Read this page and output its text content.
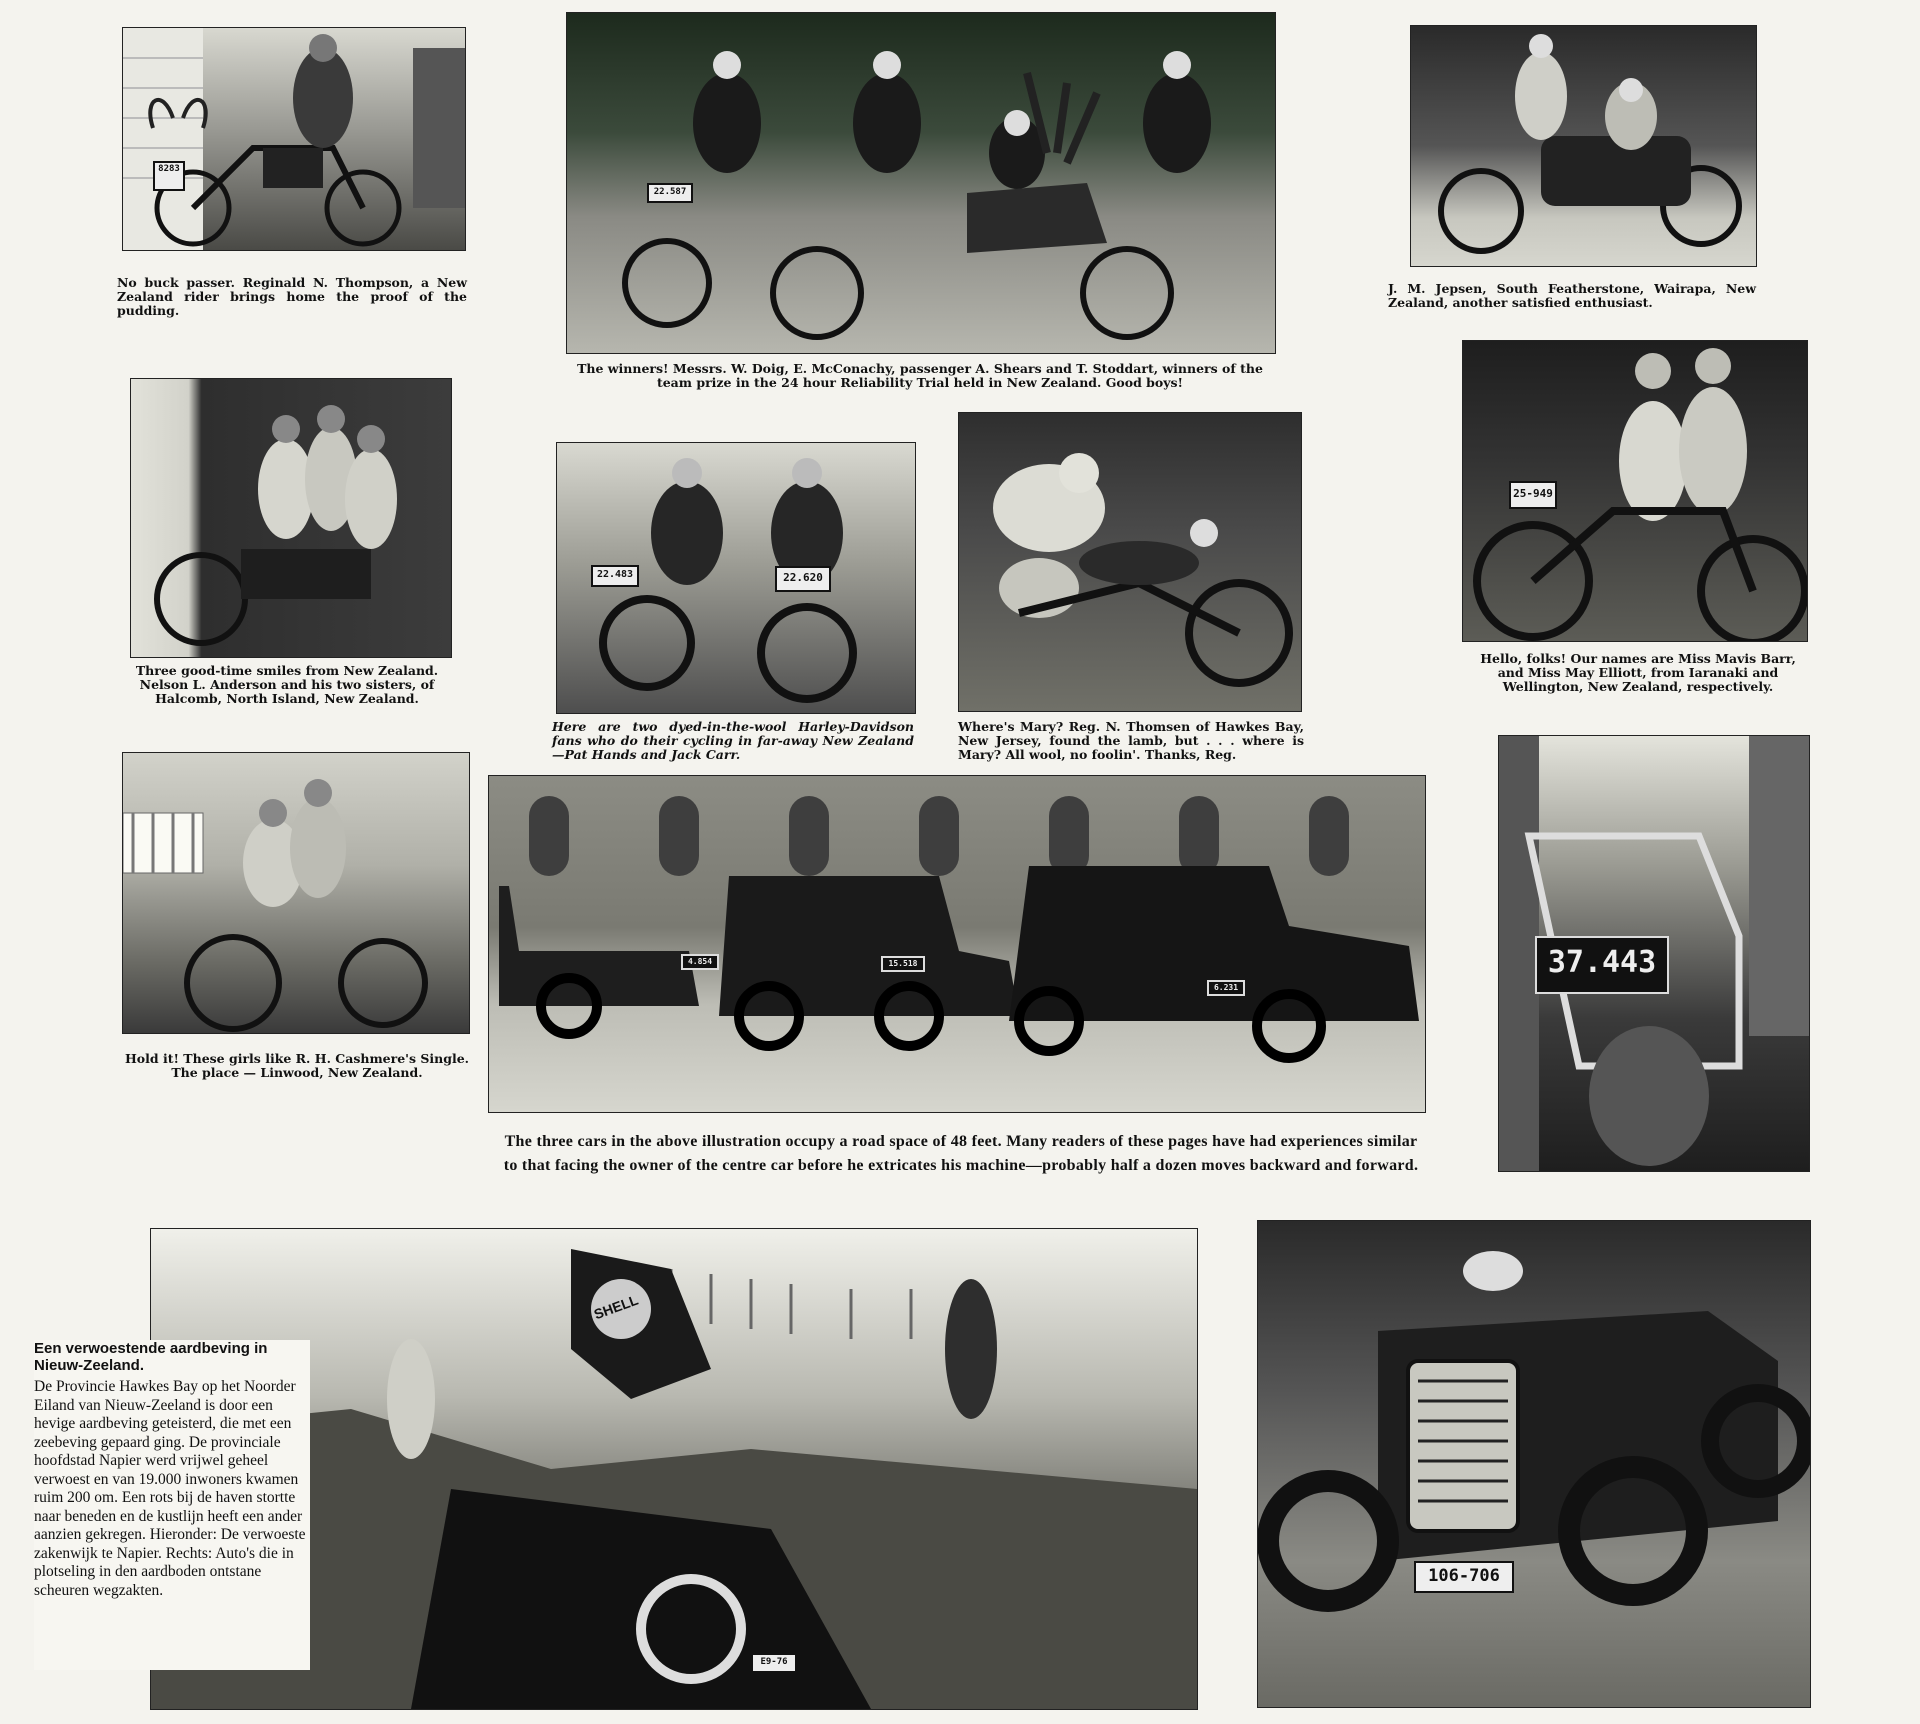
8283

No buck passer. Reginald N. Thompson, a New Zealand rider brings home the proof of the pudding.

22.587

The winners! Messrs. W. Doig, E. McConachy, passenger A. Shears and T. Stoddart, winners of the team prize in the 24 hour Reliability Trial held in New Zealand. Good boys!

J. M. Jepsen, South Featherstone, Wairapa, New Zealand, another satisfied enthusiast.

Three good-time smiles from New Zealand. Nelson L. Anderson and his two sisters, of Halcomb, North Island, New Zealand.

22.483	22.620

Here are two dyed-in-the-wool Harley-Davidson fans who do their cycling in far-away New Zealand—Pat Hands and Jack Carr.

Where's Mary? Reg. N. Thomsen of Hawkes Bay, New Jersey, found the lamb, but . . . where is Mary? All wool, no foolin'. Thanks, Reg.

25-949

Hello, folks! Our names are Miss Mavis Barr, and Miss May Elliott, from Iaranaki and Wellington, New Zealand, respectively.

Hold it! These girls like R. H. Cashmere's Single. The place — Linwood, New Zealand.

4.854	15.518
6.231

The three cars in the above illustration occupy a road space of 48 feet. Many readers of these pages have had experiences similar to that facing the owner of the centre car before he extricates his machine—probably half a dozen moves backward and forward.

37.443
E9-76
SHELL

Een verwoestende aardbeving in Nieuw-Zeeland.

De Provincie Hawkes Bay op het Noorder Eiland van Nieuw-Zeeland is door een hevige aardbeving geteisterd, die met een zeebeving gepaard ging. De provinciale hoofdstad Napier werd vrijwel geheel verwoest en van 19.000 inwoners kwamen ruim 200 om. Een rots bij de haven stortte naar beneden en de kustlijn heeft een ander aanzien gekregen. Hieronder: De verwoeste zakenwijk te Napier. Rechts: Auto's die in plotseling in den aardboden ontstane scheuren wegzakten.

106-706
